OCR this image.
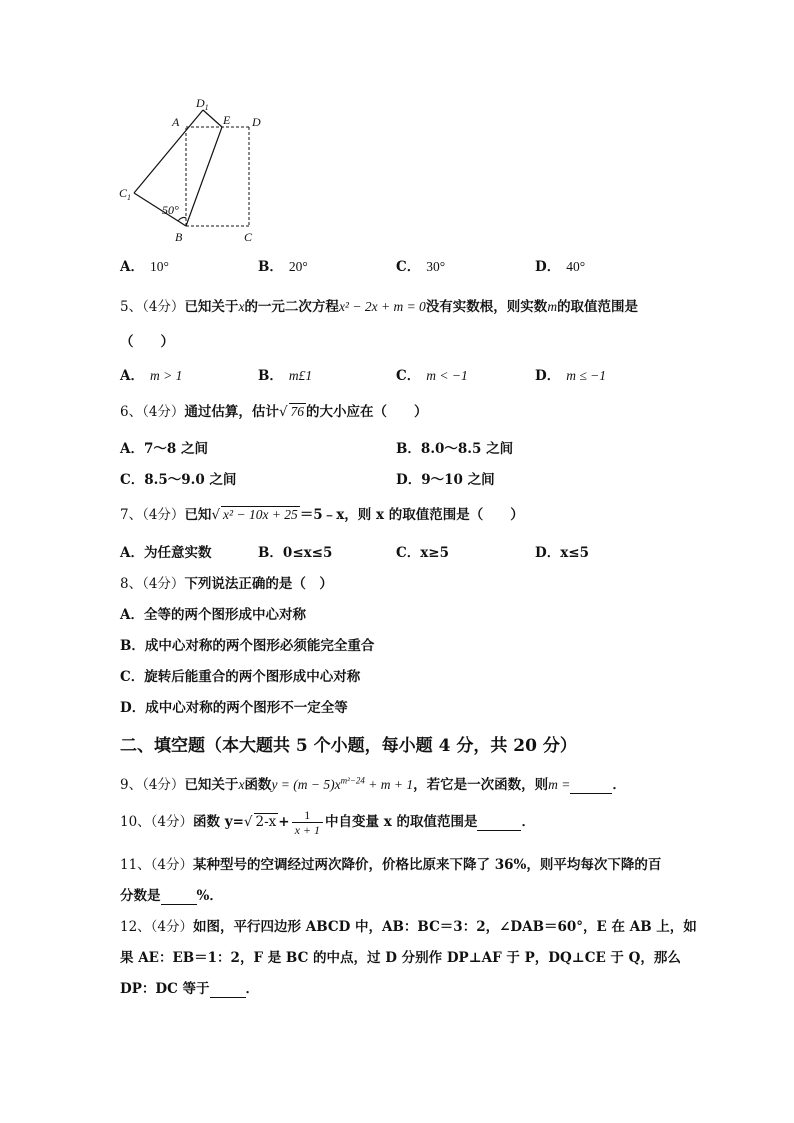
A
$D_1$
E D
$C_1$
B	C
50°
A． 10°	B． 20°	C． 30°	D． 40°
5、（4分）已知关于x的一元二次方程x² − 2x + m = 0没有实数根，则实数m的取值范围是
（　　）
A． m > 1	B． m£1	C． m < −1	D． m ≤ −1
6、（4分）通过估算，估计√ 76 的大小应在（　　）
A．7～8 之间	B．8.0～8.5 之间
C．8.5～9.0 之间	D．9～10 之间
7、（4分）已知√ x² − 10x + 25 ＝5﹣x，则 x 的取值范围是（　　）
A．为任意实数	B．0≤x≤5	C．x≥5	D．x≤5
8、（4分）下列说法正确的是（　）
A．全等的两个图形成中心对称
B．成中心对称的两个图形必须能完全重合
C．旋转后能重合的两个图形成中心对称
D．成中心对称的两个图形不一定全等
二、填空题（本大题共 5 个小题，每小题 4 分，共 20 分）
9、（4分）已知关于x函数$y = (m - 5)x^{m^2-24} + m + 1$，若它是一次函数，则m =	．
10、（4分）函数 y=√ $2-x + \frac{1}{x + 1}$ 中自变量 x 的取值范围是	．
11、（4分）某种型号的空调经过两次降价，价格比原来下降了 36%，则平均每次下降的百
分数是	%．
12、（4分）如图，平行四边形 ABCD 中，AB：BC＝3：2，∠DAB＝60°，E 在 AB 上，如
果 AE：EB＝1：2，F 是 BC 的中点，过 D 分别作 DP⊥AF 于 P，DQ⊥CE 于 Q，那么
DP：DC 等于	．
